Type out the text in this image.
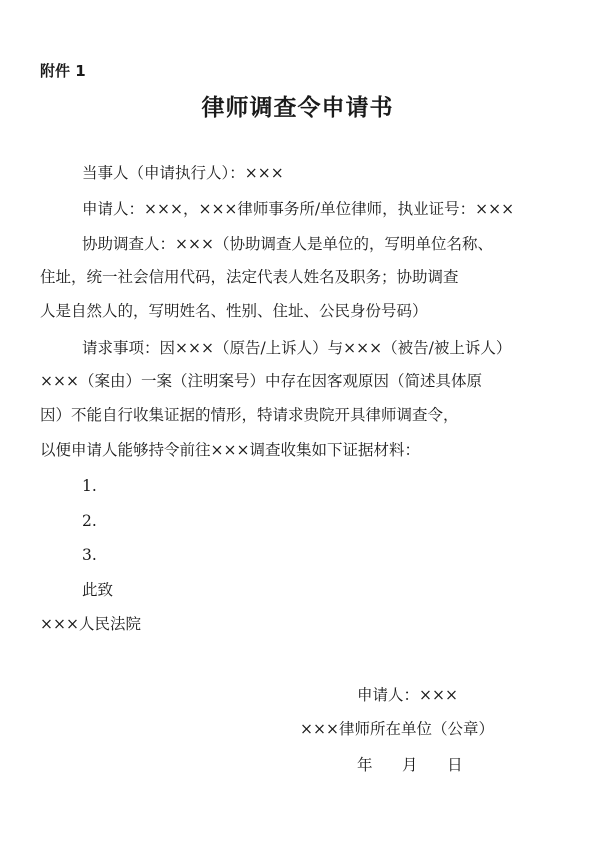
附件 1
律师调查令申请书
当事人（申请执行人）：×××
申请人：×××，×××律师事务所/单位律师，执业证号：×××
协助调查人：×××（协助调查人是单位的，写明单位名称、
住址，统一社会信用代码，法定代表人姓名及职务；协助调查
人是自然人的，写明姓名、性别、住址、公民身份号码）
请求事项：因×××（原告/上诉人）与×××（被告/被上诉人）
×××（案由）一案（注明案号）中存在因客观原因（简述具体原
因）不能自行收集证据的情形，特请求贵院开具律师调查令，
以便申请人能够持令前往×××调查收集如下证据材料：
1.
2.
3.
此致
×××人民法院
申请人：×××
×××律师所在单位（公章）
年      月      日
